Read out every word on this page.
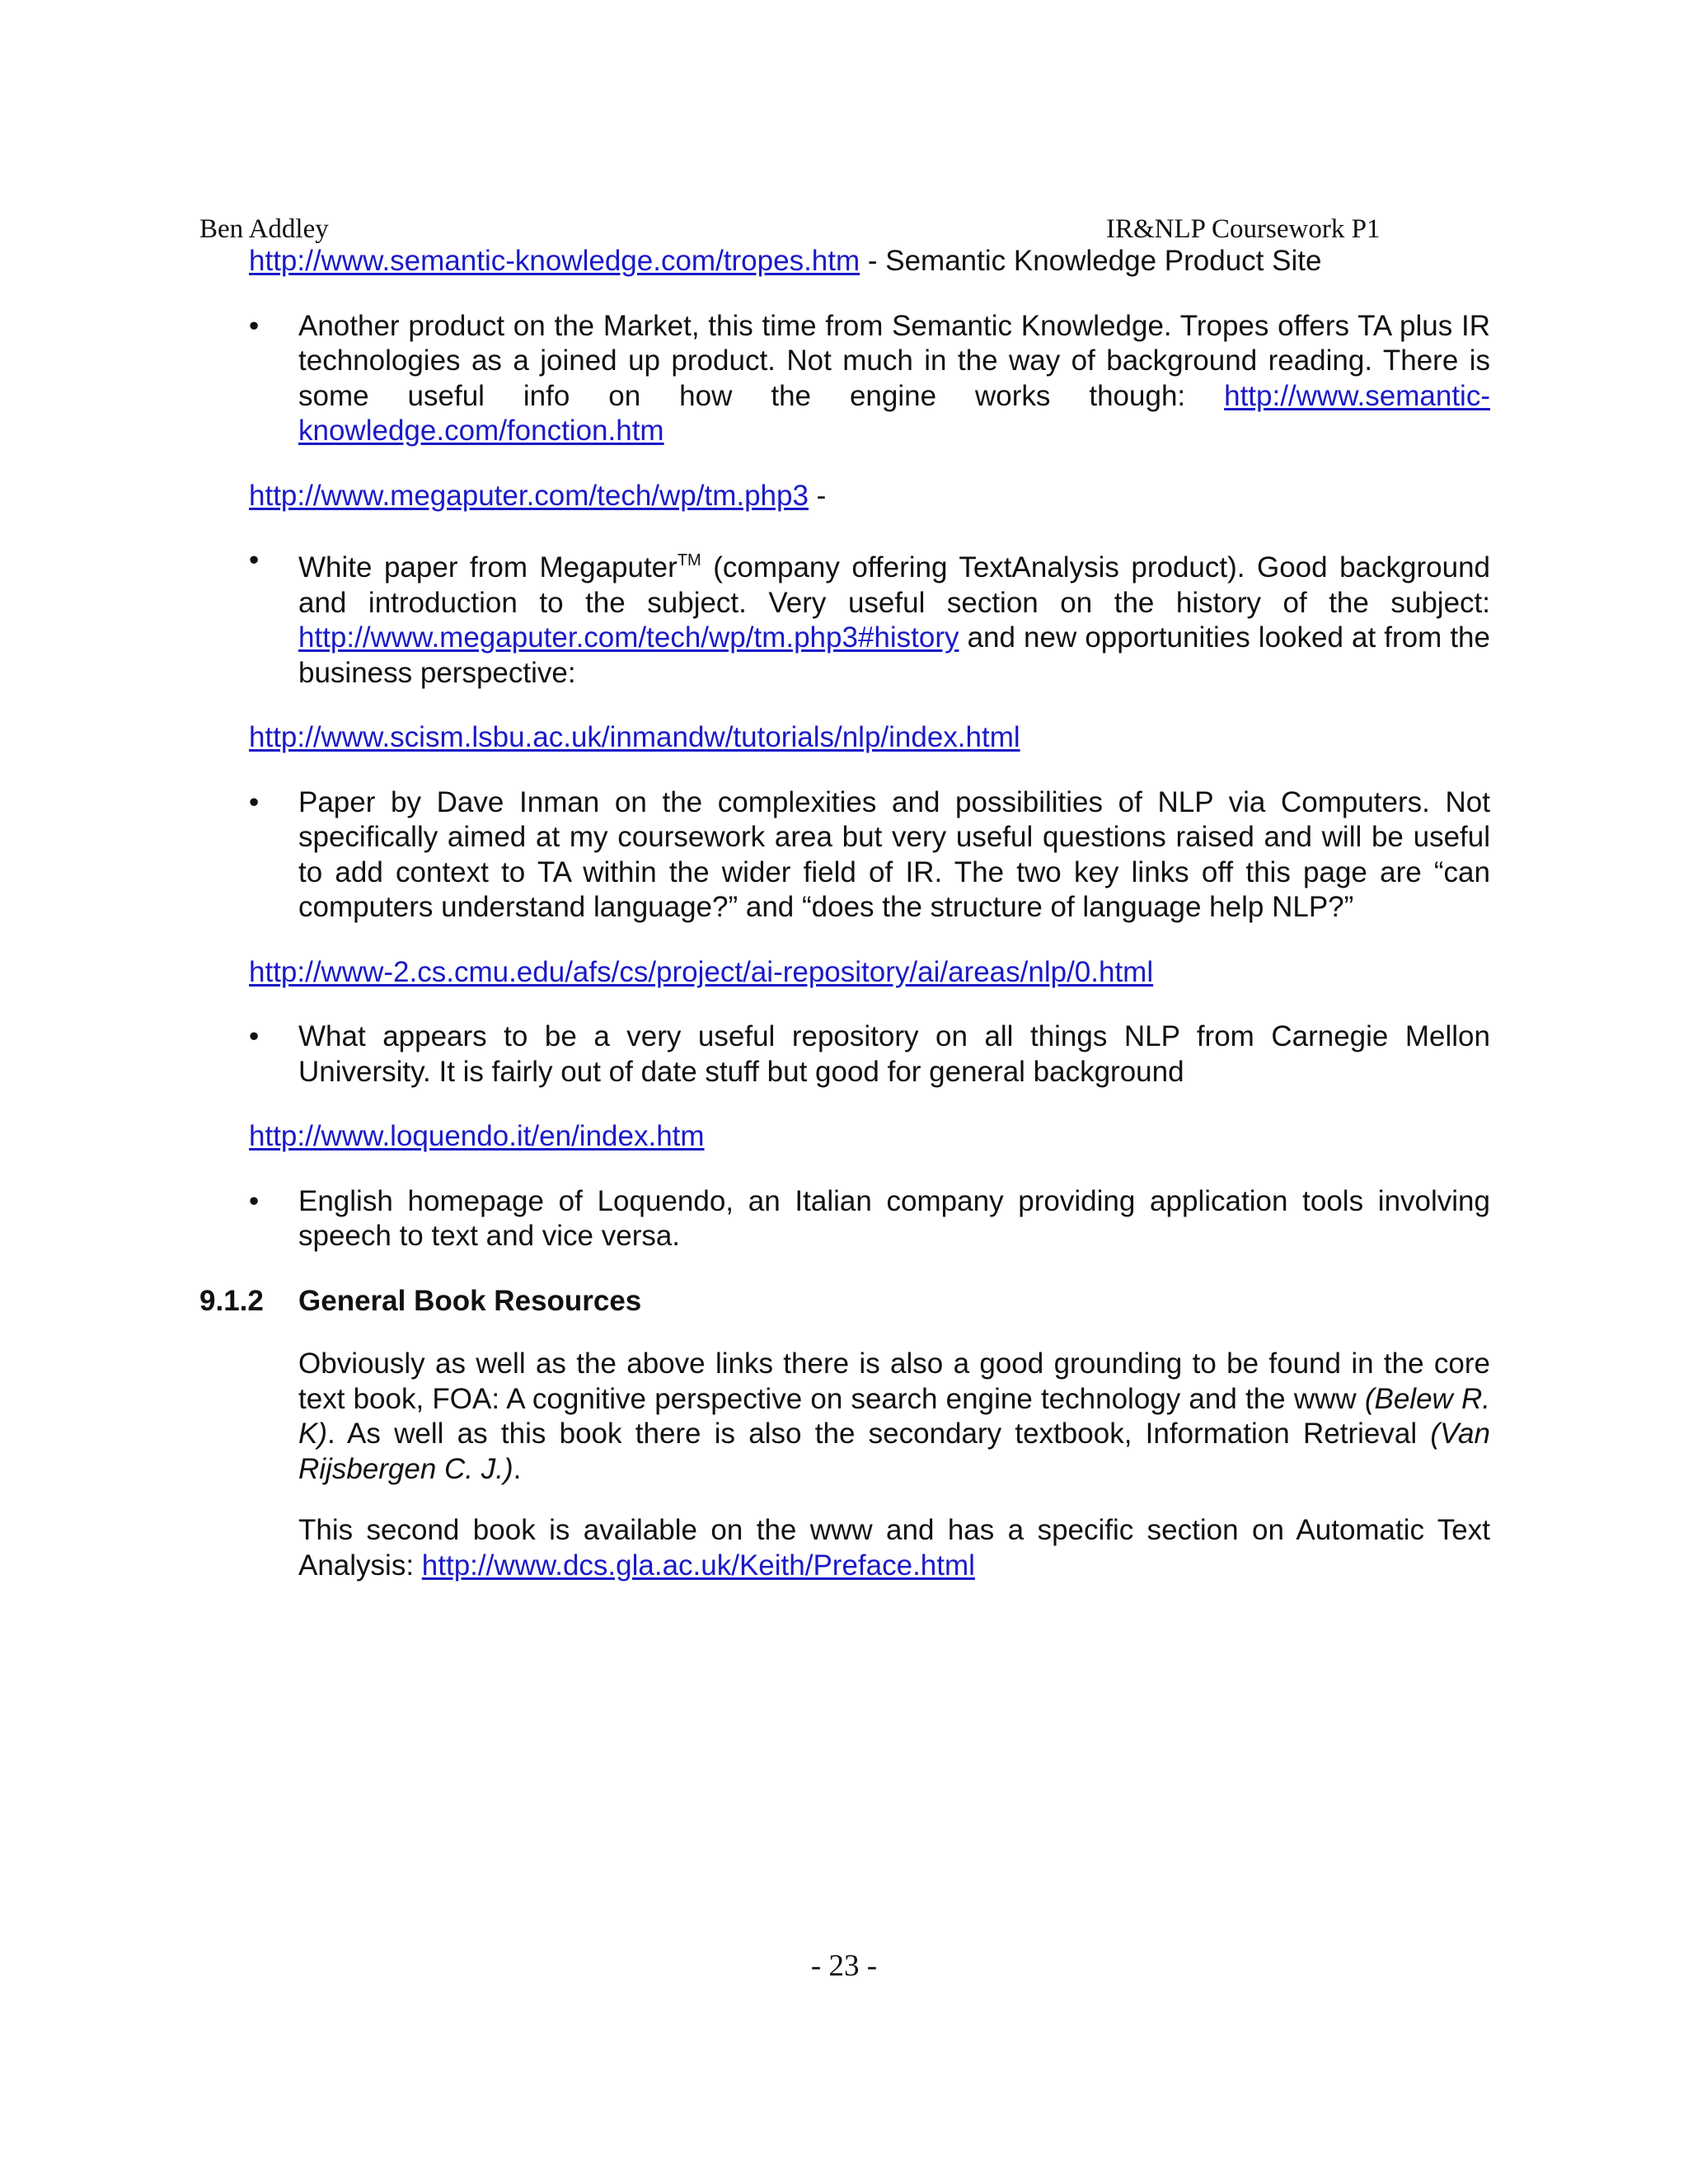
Ben Addley	IR&NLP Coursework P1
http://www.semantic-knowledge.com/tropes.htm - Semantic Knowledge Product Site
• Another product on the Market, this time from Semantic Knowledge. Tropes offers TA plus IR technologies as a joined up product. Not much in the way of background reading. There is some useful info on how the engine works though: http://www.semantic-knowledge.com/fonction.htm
http://www.megaputer.com/tech/wp/tm.php3 -
• White paper from Megaputer™ (company offering TextAnalysis product). Good background and introduction to the subject. Very useful section on the history of the subject: http://www.megaputer.com/tech/wp/tm.php3#history and new opportunities looked at from the business perspective:
http://www.scism.lsbu.ac.uk/inmandw/tutorials/nlp/index.html
• Paper by Dave Inman on the complexities and possibilities of NLP via Computers. Not specifically aimed at my coursework area but very useful questions raised and will be useful to add context to TA within the wider field of IR. The two key links off this page are “can computers understand language?” and “does the structure of language help NLP?”
http://www-2.cs.cmu.edu/afs/cs/project/ai-repository/ai/areas/nlp/0.html
• What appears to be a very useful repository on all things NLP from Carnegie Mellon University. It is fairly out of date stuff but good for general background
http://www.loquendo.it/en/index.htm
• English homepage of Loquendo, an Italian company providing application tools involving speech to text and vice versa.
9.1.2 General Book Resources
Obviously as well as the above links there is also a good grounding to be found in the core text book, FOA: A cognitive perspective on search engine technology and the www (Belew R. K). As well as this book there is also the secondary textbook, Information Retrieval (Van Rijsbergen C. J.).
This second book is available on the www and has a specific section on Automatic Text Analysis: http://www.dcs.gla.ac.uk/Keith/Preface.html
- 23 -
